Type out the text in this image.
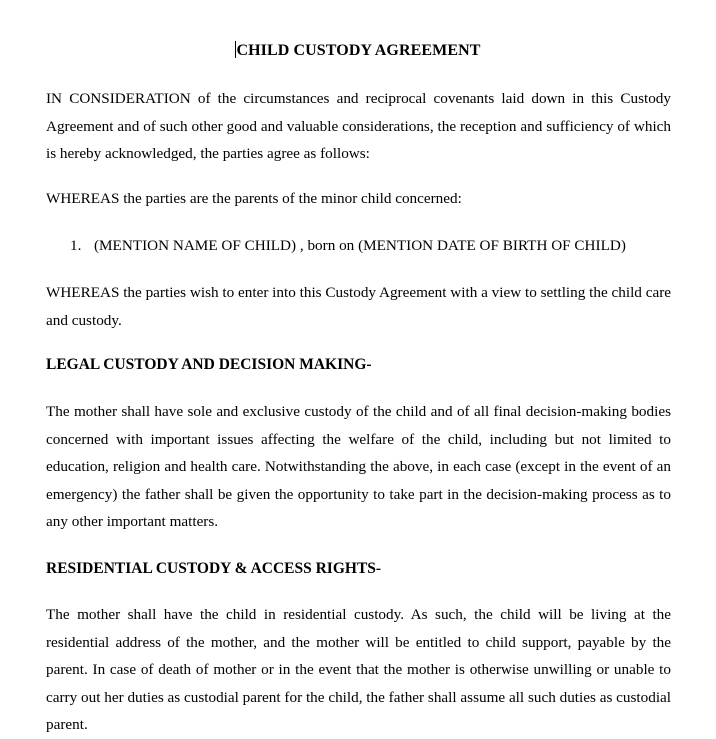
CHILD CUSTODY AGREEMENT
IN CONSIDERATION of the circumstances and reciprocal covenants laid down in this Custody Agreement and of such other good and valuable considerations, the reception and sufficiency of which is hereby acknowledged, the parties agree as follows:
WHEREAS the parties are the parents of the minor child concerned:
1. (MENTION NAME OF CHILD) , born on (MENTION DATE OF BIRTH OF CHILD)
WHEREAS the parties wish to enter into this Custody Agreement with a view to settling the child care and custody.
LEGAL CUSTODY AND DECISION MAKING-
The mother shall have sole and exclusive custody of the child and of all final decision-making bodies concerned with important issues affecting the welfare of the child, including but not limited to education, religion and health care. Notwithstanding the above, in each case (except in the event of an emergency) the father shall be given the opportunity to take part in the decision-making process as to any other important matters.
RESIDENTIAL CUSTODY & ACCESS RIGHTS-
The mother shall have the child in residential custody. As such, the child will be living at the residential address of the mother, and the mother will be entitled to child support, payable by the parent. In case of death of mother or in the event that the mother is otherwise unwilling or unable to carry out her duties as custodial parent for the child, the father shall assume all such duties as custodial parent.
